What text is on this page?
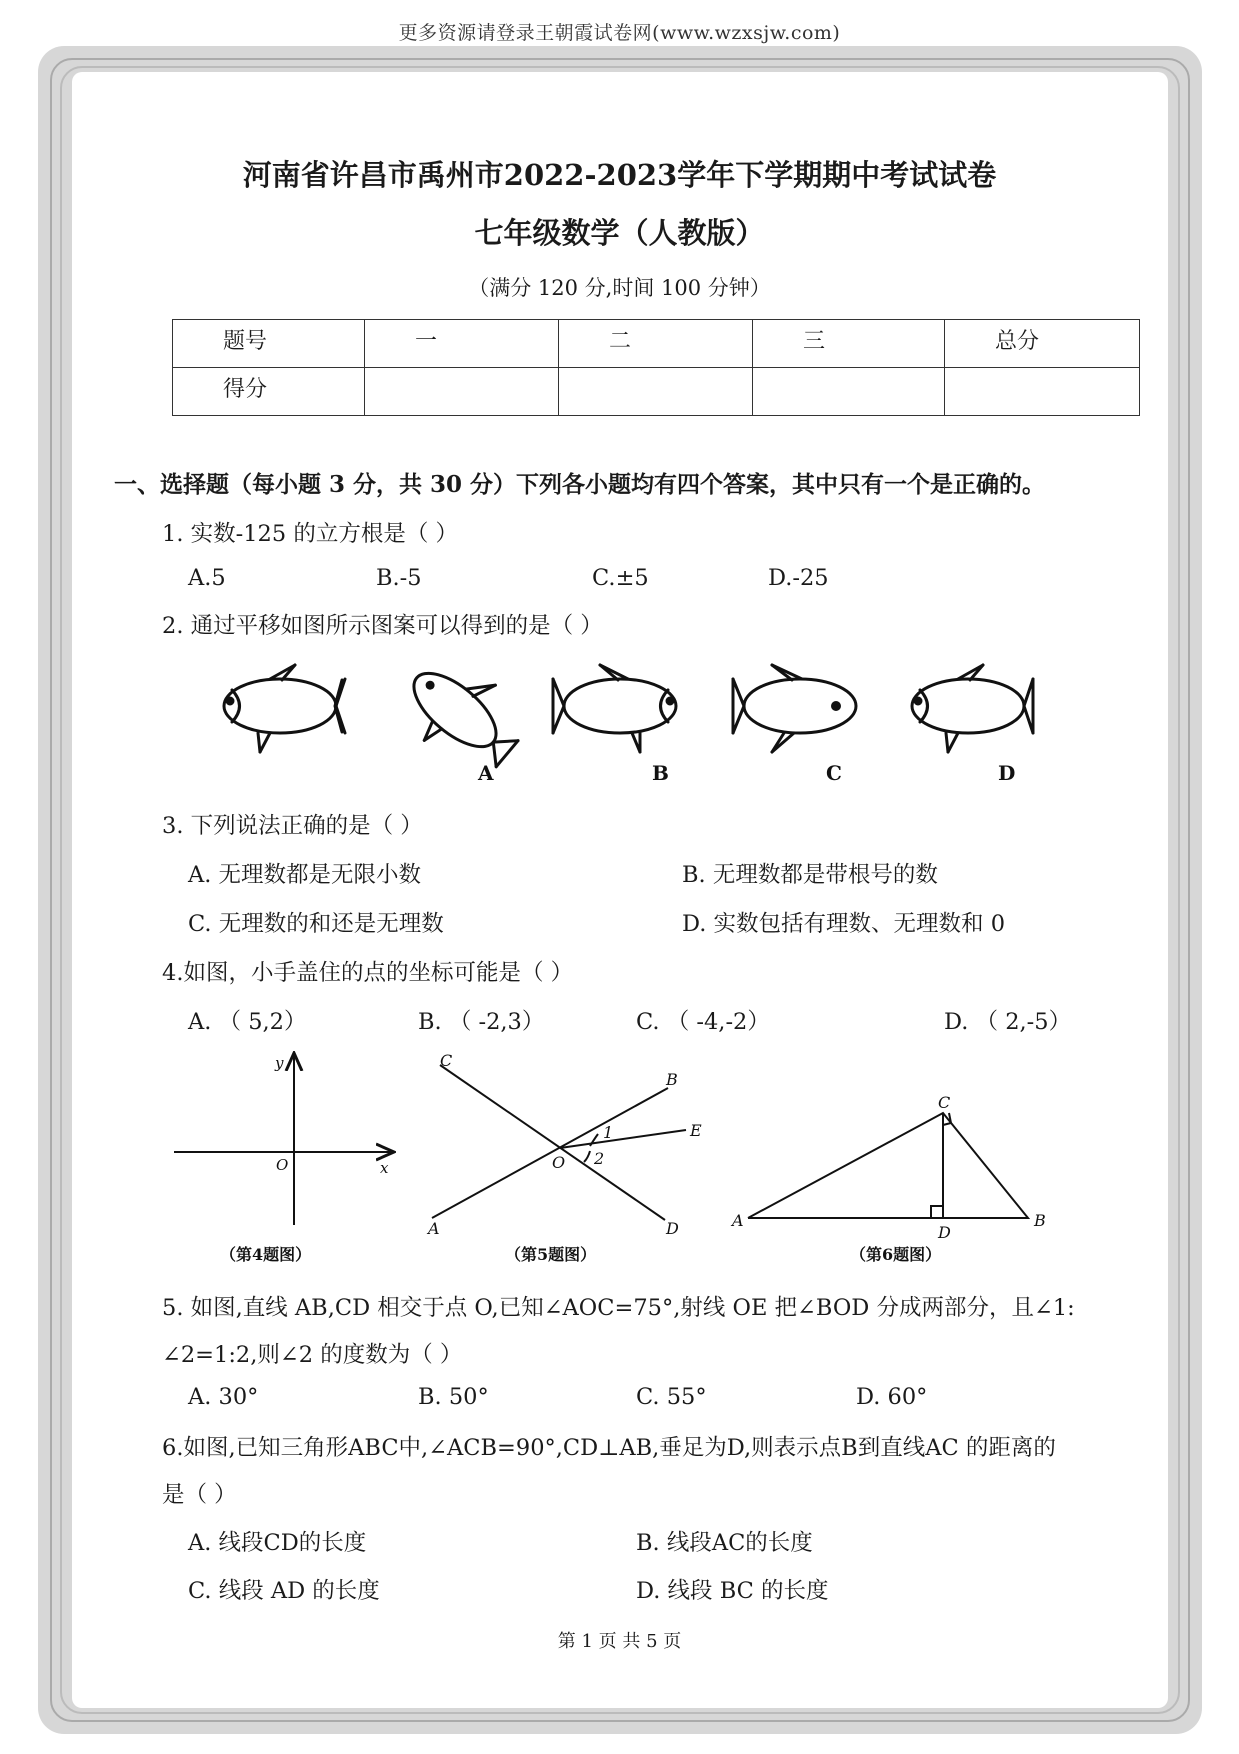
更多资源请登录王朝霞试卷网(www.wzxsjw.com)
河南省许昌市禹州市2022-2023学年下学期期中考试试卷
七年级数学（人教版）
（满分 120 分,时间 100 分钟）
题号	一	二	三	总分
得分				
一、选择题（每小题 3 分，共 30 分）下列各小题均有四个答案，其中只有一个是正确的。
1. 实数-125 的立方根是（ ）
A.5	B.-5	C.±5	D.-25
2. 通过平移如图所示图案可以得到的是（ ）
A	B	C	D
3. 下列说法正确的是（ ）
A. 无理数都是无限小数	B. 无理数都是带根号的数
C. 无理数的和还是无理数	D. 实数包括有理数、无理数和 0
4.如图，小手盖住的点的坐标可能是（ ）
A. （ 5,2）	B. （ -2,3）	C. （ -4,-2）	D. （ 2,-5）
y
x
O
（第4题图）
C
B
E
O
A	D
1
2
（第5题图）
C
A
D
B
（第6题图）
5. 如图,直线 AB,CD 相交于点 O,已知∠AOC=75°,射线 OE 把∠BOD 分成两部分，且∠1:
∠2=1:2,则∠2 的度数为（ ）
A. 30°	B. 50°	C. 55°	D. 60°
6.如图,已知三角形ABC中,∠ACB=90°,CD⊥AB,垂足为D,则表示点B到直线AC 的距离的
是（ ）
A. 线段CD的长度	B. 线段AC的长度
C. 线段 AD 的长度	D. 线段 BC 的长度
第 1 页 共 5 页
